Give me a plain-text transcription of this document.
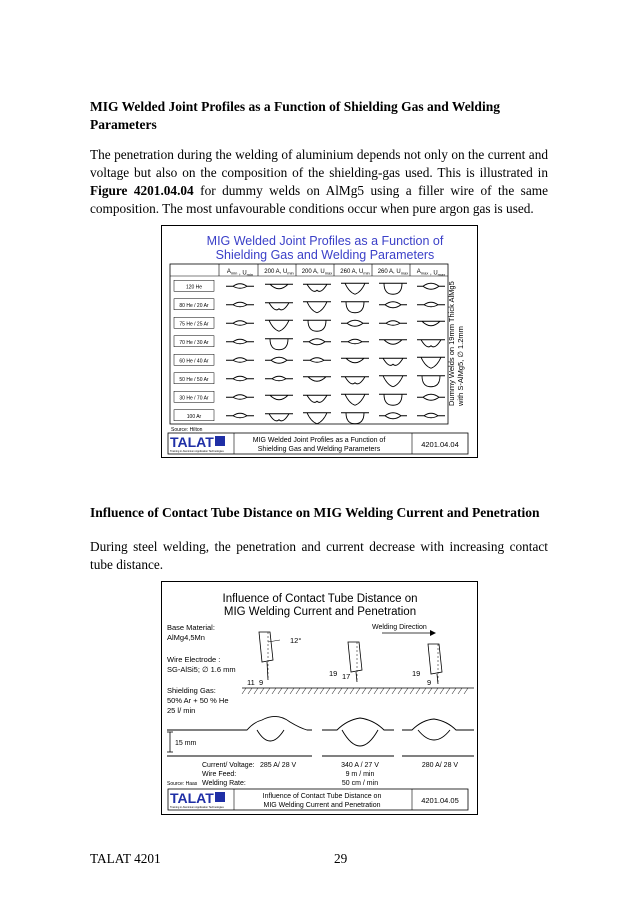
MIG Welded Joint Profiles as a Function of Shielding Gas and Welding Parameters
The penetration during the welding of aluminium depends not only on the current and voltage but also on the composition of the shielding-gas used. This is illustrated in Figure 4201.04.04 for dummy welds on AlMg5 using a filler wire of the same composition. The most unfavourable conditions occur when pure argon gas is used.
MIG Welded Joint Profiles as a Function of
Shielding Gas and Welding Parameters
$A_{min}$ , $U_{min}$ 200 A, $U_{min}$ 200 A, $U_{max}$ 260 A, $U_{min}$ 260 A, $U_{max}$ $A_{max}$ , $U_{max}$
120 He
80 He / 20 Ar
75 He / 25 Ar
70 He / 30 Ar
60 He / 40 Ar
50 He / 50 Ar
30 He / 70 Ar
100 Ar
Dummy Welds on 19mm Thick AlMg5 with S-AlMg5, ∅ 1.2mm
Source: Hilton
TALAT
Training in Aluminium Application Technologies
MIG Welded Joint Profiles as a Function of
Shielding Gas and Welding Parameters
4201.04.04
Influence of Contact Tube Distance on MIG Welding Current and Penetration
During steel welding, the penetration and current decrease with increasing contact tube distance.
Influence of Contact Tube Distance on
MIG Welding Current and Penetration
Base Material:
AlMg4,5Mn
Wire Electrode :
SG-AlSi5; ∅ 1.6 mm
Shielding Gas:
50% Ar + 50 % He
25 l/ min
12°
11 9
19 17
Welding Direction
19
9
15 mm
Current/ Voltage:
Wire Feed:
Welding Rate:
Source: Haas
285 A/ 28 V	340 A / 27 V
9 m / min
50 cm / min
280 A/ 28 V
TALAT
Training in Aluminium Application Technologies
Influence of Contact Tube Distance on
MIG Welding Current and Penetration
4201.04.05
TALAT 4201	29
